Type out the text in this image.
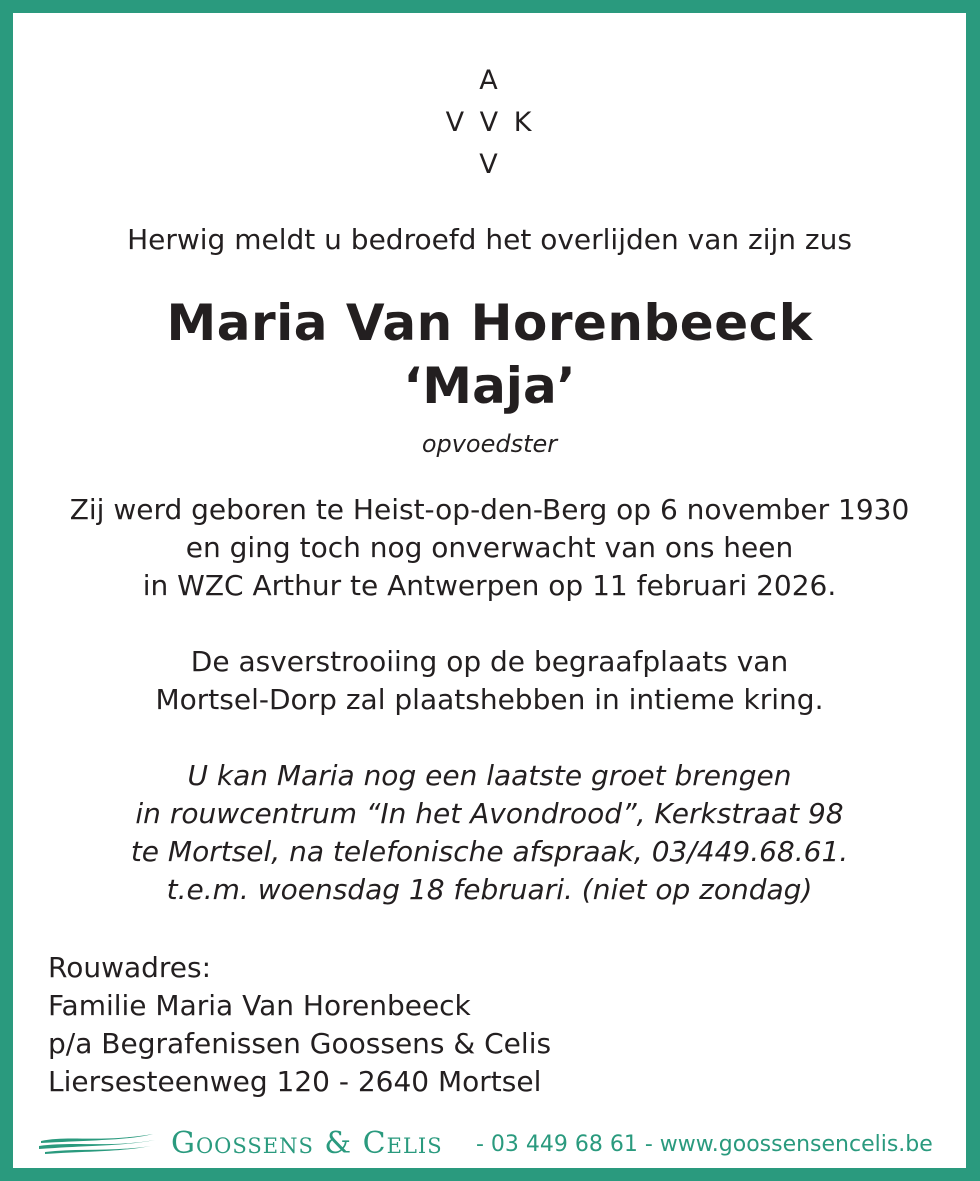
A
V V K
V
Herwig meldt u bedroefd het overlijden van zijn zus
Maria Van Horenbeeck
‘Maja’
opvoedster
Zij werd geboren te Heist-op-den-Berg op 6 november 1930
en ging toch nog onverwacht van ons heen
in WZC Arthur te Antwerpen op 11 februari 2026.
De asverstrooiing op de begraafplaats van
Mortsel-Dorp zal plaatshebben in intieme kring.
U kan Maria nog een laatste groet brengen
in rouwcentrum “In het Avondrood”, Kerkstraat 98
te Mortsel, na telefonische afspraak, 03/449.68.61.
t.e.m. woensdag 18 februari. (niet op zondag)
Rouwadres:
Familie Maria Van Horenbeeck
p/a Begrafenissen Goossens & Celis
Liersesteenweg 120 - 2640 Mortsel
Goossens & Celis - 03 449 68 61 - www.goossensencelis.be
